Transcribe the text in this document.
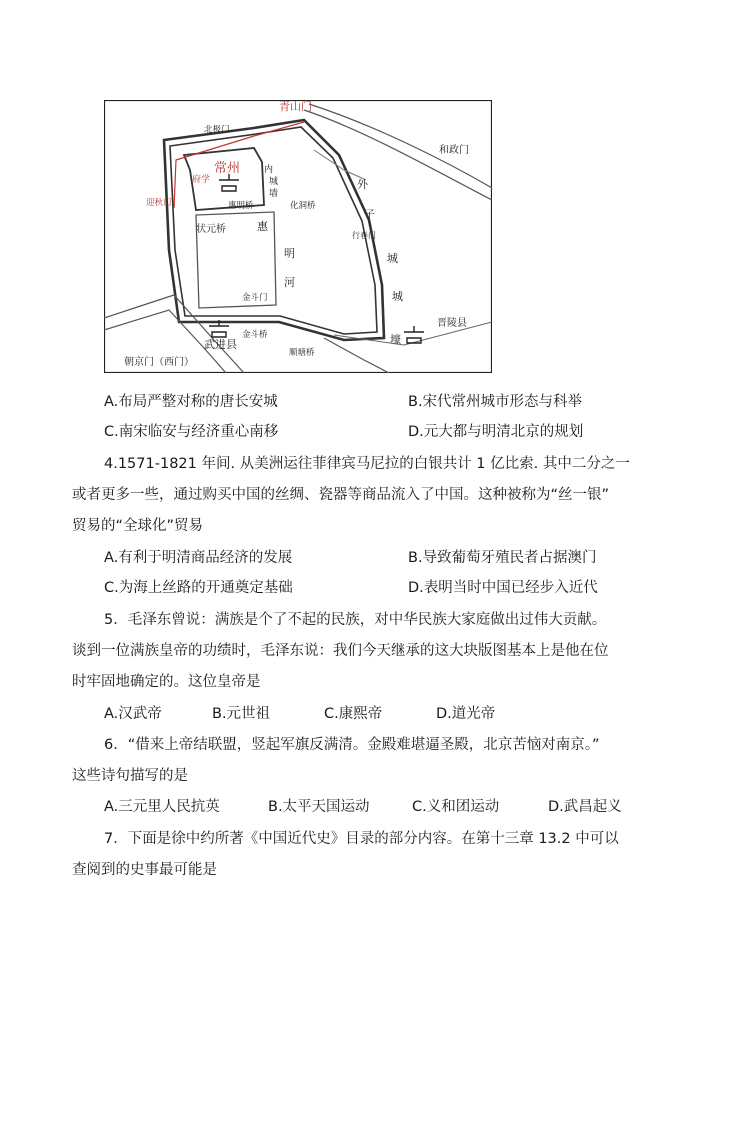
青山门
北极门
和政门
常州
府学
迎秋门
内
城
墙
惠明桥	化洞桥
状元桥
外
子
城
城
壕
行春门
惠
明
河
金斗门
金斗桥
晋陵县
武进县
顺塘桥
朝京门（西门）
A.布局严整对称的唐长安城	B.宋代常州城市形态与科举
C.南宋临安与经济重心南移	D.元大都与明清北京的规划
4.1571-1821 年间. 从美洲运往菲律宾马尼拉的白银共计 1 亿比索. 其中二分之一
或者更多一些，通过购买中国的丝绸、瓷器等商品流入了中国。这种被称为“丝一银”
贸易的“全球化”贸易
A.有利于明清商品经济的发展	B.导致葡萄牙殖民者占据澳门
C.为海上丝路的开通奠定基础	D.表明当时中国已经步入近代
5．毛泽东曾说：满族是个了不起的民族，对中华民族大家庭做出过伟大贡献。
谈到一位满族皇帝的功绩时，毛泽东说：我们今天继承的这大块版图基本上是他在位
时牢固地确定的。这位皇帝是
A.汉武帝	B.元世祖	C.康熙帝	D.道光帝
6．“借来上帝结联盟，竖起军旗反满清。金殿难堪逼圣殿，北京苦恼对南京。”
这些诗句描写的是
A.三元里人民抗英	B.太平天国运动	C.义和团运动	D.武昌起义
7．下面是徐中约所著《中国近代史》目录的部分内容。在第十三章 13.2 中可以
查阅到的史事最可能是
